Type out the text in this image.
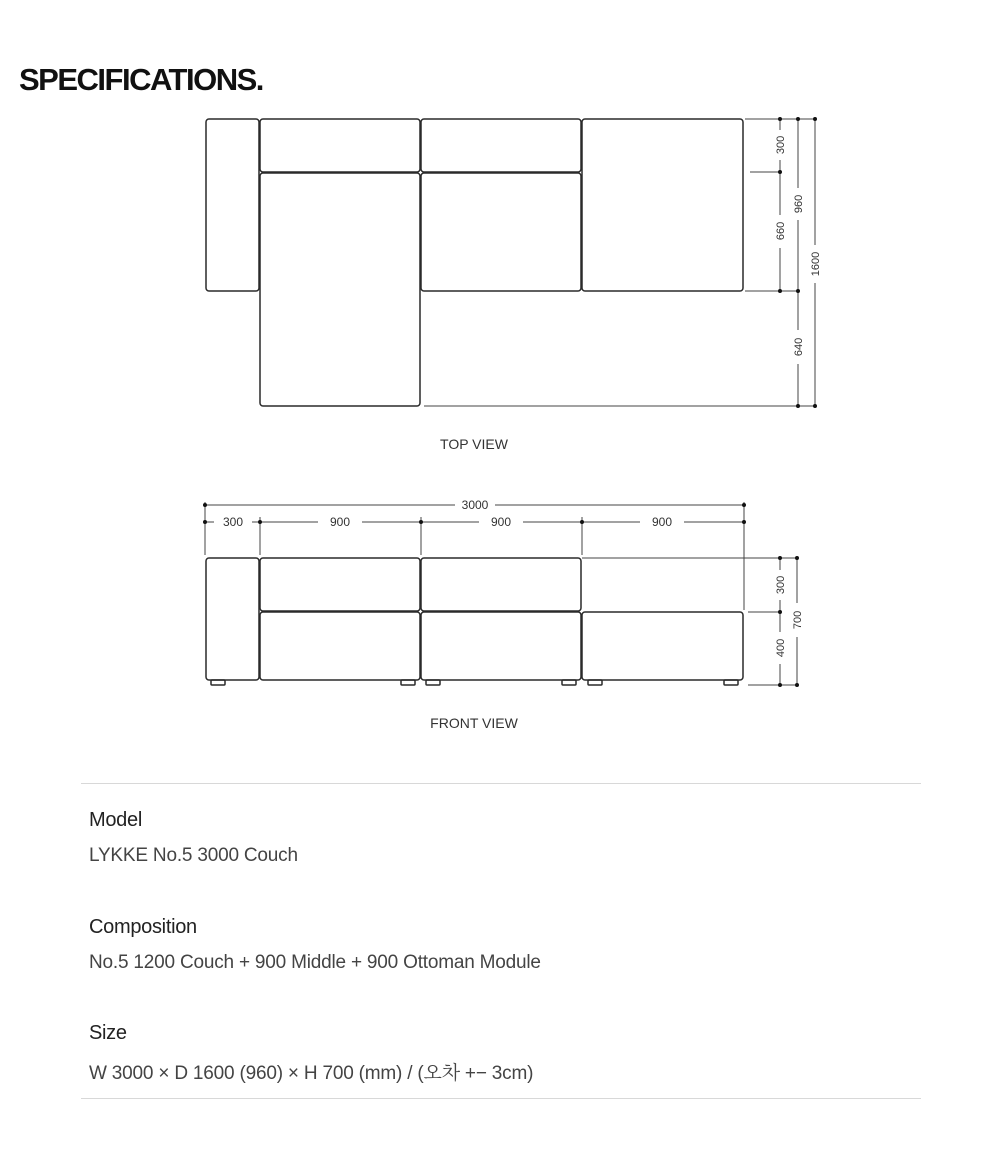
SPECIFICATIONS.
300
660
960
640
1600
TOP VIEW
3000
300	900	900	900
300
400
700
FRONT VIEW
Model
LYKKE No.5 3000 Couch
Composition
No.5 1200 Couch + 900 Middle + 900 Ottoman Module
Size
W 3000 × D 1600 (960) × H 700 (mm) / (오차 +− 3cm)
